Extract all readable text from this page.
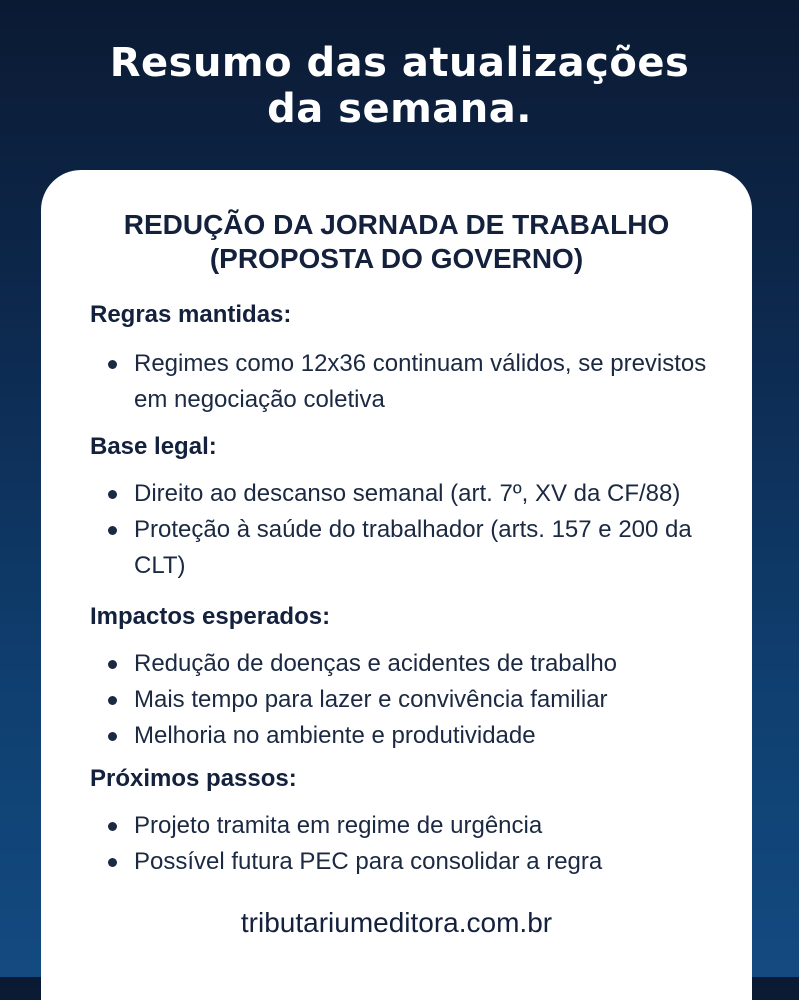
Resumo das atualizações
da semana.
REDUÇÃO DA JORNADA DE TRABALHO
(PROPOSTA DO GOVERNO)
Regras mantidas:
Regimes como 12x36 continuam válidos, se previstos em negociação coletiva
Base legal:
Direito ao descanso semanal (art. 7º, XV da CF/88)
Proteção à saúde do trabalhador (arts. 157 e 200 da CLT)
Impactos esperados:
Redução de doenças e acidentes de trabalho
Mais tempo para lazer e convivência familiar
Melhoria no ambiente e produtividade
Próximos passos:
Projeto tramita em regime de urgência
Possível futura PEC para consolidar a regra
tributariumeditora.com.br
